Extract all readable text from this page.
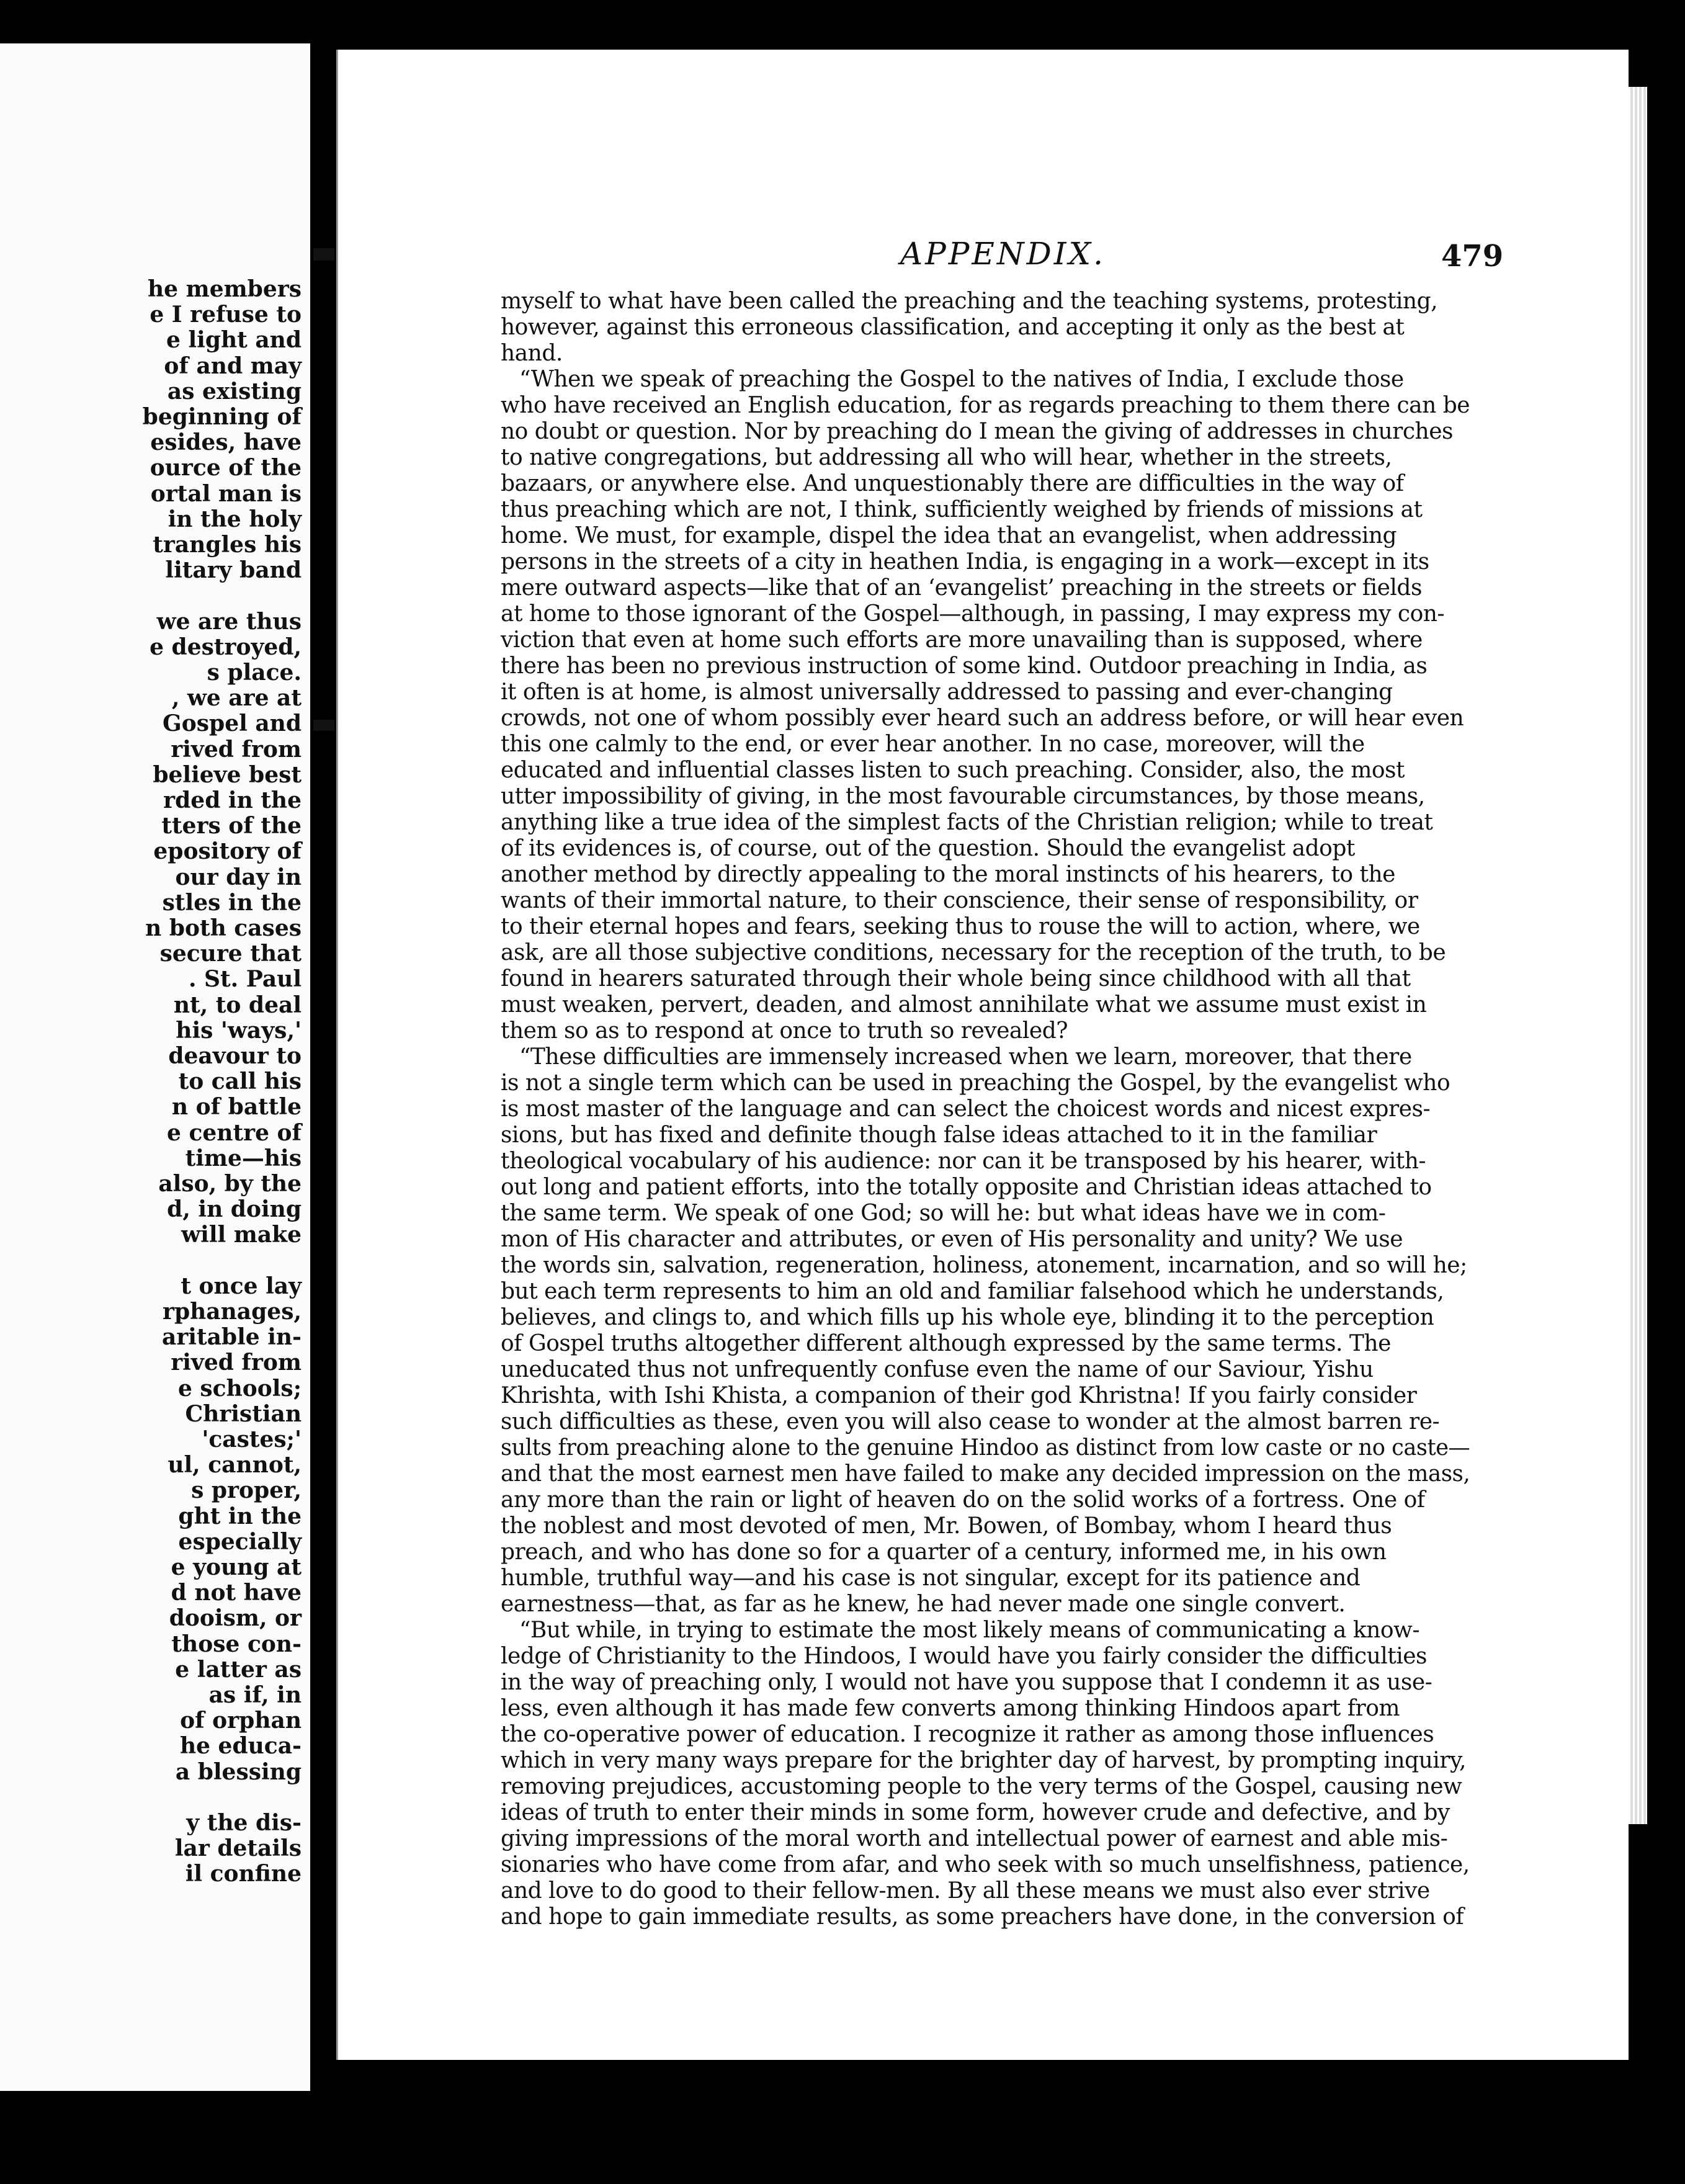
he members
e I refuse to
e light and
of and may
as existing
beginning of
esides, have
ource of the
ortal man is
in the holy
trangles his
litary band
we are thus
e destroyed,
s place.
, we are at
Gospel and
rived from
believe best
rded in the
tters of the
epository of
our day in
stles in the
n both cases
secure that
. St. Paul
nt, to deal
his 'ways,'
deavour to
to call his
n of battle
e centre of
time—his
also, by the
d, in doing
will make
t once lay
rphanages,
aritable in-
rived from
e schools;
Christian
'castes;'
ul, cannot,
s proper,
ght in the
especially
e young at
d not have
dooism, or
those con-
e latter as
as if, in
of orphan
he educa-
a blessing
y the dis-
lar details
il confine
APPENDIX.	479
myself to what have been called the preaching and the teaching systems, protesting,
however, against this erroneous classification, and accepting it only as the best at
hand.
“When we speak of preaching the Gospel to the natives of India, I exclude those
who have received an English education, for as regards preaching to them there can be
no doubt or question. Nor by preaching do I mean the giving of addresses in churches
to native congregations, but addressing all who will hear, whether in the streets,
bazaars, or anywhere else. And unquestionably there are difficulties in the way of
thus preaching which are not, I think, sufficiently weighed by friends of missions at
home. We must, for example, dispel the idea that an evangelist, when addressing
persons in the streets of a city in heathen India, is engaging in a work—except in its
mere outward aspects—like that of an ‘evangelist’ preaching in the streets or fields
at home to those ignorant of the Gospel—although, in passing, I may express my con-
viction that even at home such efforts are more unavailing than is supposed, where
there has been no previous instruction of some kind. Outdoor preaching in India, as
it often is at home, is almost universally addressed to passing and ever-changing
crowds, not one of whom possibly ever heard such an address before, or will hear even
this one calmly to the end, or ever hear another. In no case, moreover, will the
educated and influential classes listen to such preaching. Consider, also, the most
utter impossibility of giving, in the most favourable circumstances, by those means,
anything like a true idea of the simplest facts of the Christian religion; while to treat
of its evidences is, of course, out of the question. Should the evangelist adopt
another method by directly appealing to the moral instincts of his hearers, to the
wants of their immortal nature, to their conscience, their sense of responsibility, or
to their eternal hopes and fears, seeking thus to rouse the will to action, where, we
ask, are all those subjective conditions, necessary for the reception of the truth, to be
found in hearers saturated through their whole being since childhood with all that
must weaken, pervert, deaden, and almost annihilate what we assume must exist in
them so as to respond at once to truth so revealed?
“These difficulties are immensely increased when we learn, moreover, that there
is not a single term which can be used in preaching the Gospel, by the evangelist who
is most master of the language and can select the choicest words and nicest expres-
sions, but has fixed and definite though false ideas attached to it in the familiar
theological vocabulary of his audience: nor can it be transposed by his hearer, with-
out long and patient efforts, into the totally opposite and Christian ideas attached to
the same term. We speak of one God; so will he: but what ideas have we in com-
mon of His character and attributes, or even of His personality and unity? We use
the words sin, salvation, regeneration, holiness, atonement, incarnation, and so will he;
but each term represents to him an old and familiar falsehood which he understands,
believes, and clings to, and which fills up his whole eye, blinding it to the perception
of Gospel truths altogether different although expressed by the same terms. The
uneducated thus not unfrequently confuse even the name of our Saviour, Yishu
Khrishta, with Ishi Khista, a companion of their god Khristna! If you fairly consider
such difficulties as these, even you will also cease to wonder at the almost barren re-
sults from preaching alone to the genuine Hindoo as distinct from low caste or no caste—
and that the most earnest men have failed to make any decided impression on the mass,
any more than the rain or light of heaven do on the solid works of a fortress. One of
the noblest and most devoted of men, Mr. Bowen, of Bombay, whom I heard thus
preach, and who has done so for a quarter of a century, informed me, in his own
humble, truthful way—and his case is not singular, except for its patience and
earnestness—that, as far as he knew, he had never made one single convert.
“But while, in trying to estimate the most likely means of communicating a know-
ledge of Christianity to the Hindoos, I would have you fairly consider the difficulties
in the way of preaching only, I would not have you suppose that I condemn it as use-
less, even although it has made few converts among thinking Hindoos apart from
the co-operative power of education. I recognize it rather as among those influences
which in very many ways prepare for the brighter day of harvest, by prompting inquiry,
removing prejudices, accustoming people to the very terms of the Gospel, causing new
ideas of truth to enter their minds in some form, however crude and defective, and by
giving impressions of the moral worth and intellectual power of earnest and able mis-
sionaries who have come from afar, and who seek with so much unselfishness, patience,
and love to do good to their fellow-men. By all these means we must also ever strive
and hope to gain immediate results, as some preachers have done, in the conversion of
